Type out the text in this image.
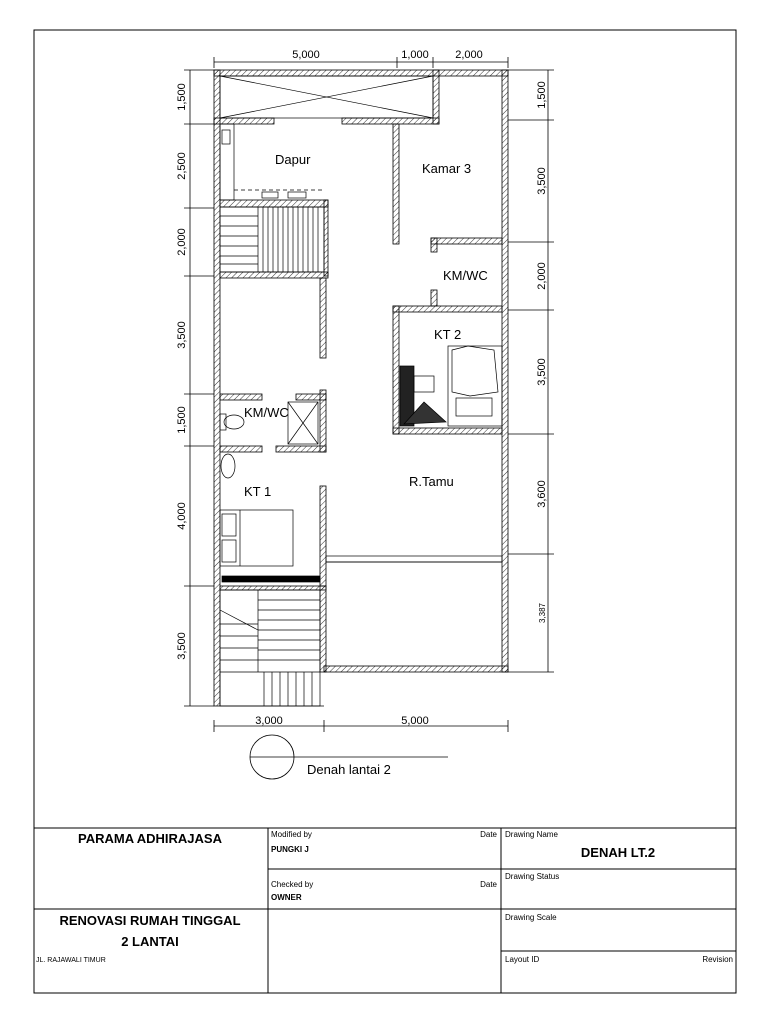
5,000	1,000 2,000
1,500
2,500
2,000
3,500
1,500
4,000
3,500
1,500
3,500
2,000
3,500
3,600
3,387
3,000	5,000
Dapur
Kamar 3
KM/WC
KT 2
KM/WC
KT 1
R.Tamu
Denah lantai 2
PARAMA ADHIRAJASA	Modified by
PUNGKI J
Date
Checked by
OWNER
Date
Drawing Name
DENAH LT.2
Drawing Status
Drawing Scale
Layout ID	Revision
RENOVASI RUMAH TINGGAL
2 LANTAI
JL. RAJAWALI TIMUR
